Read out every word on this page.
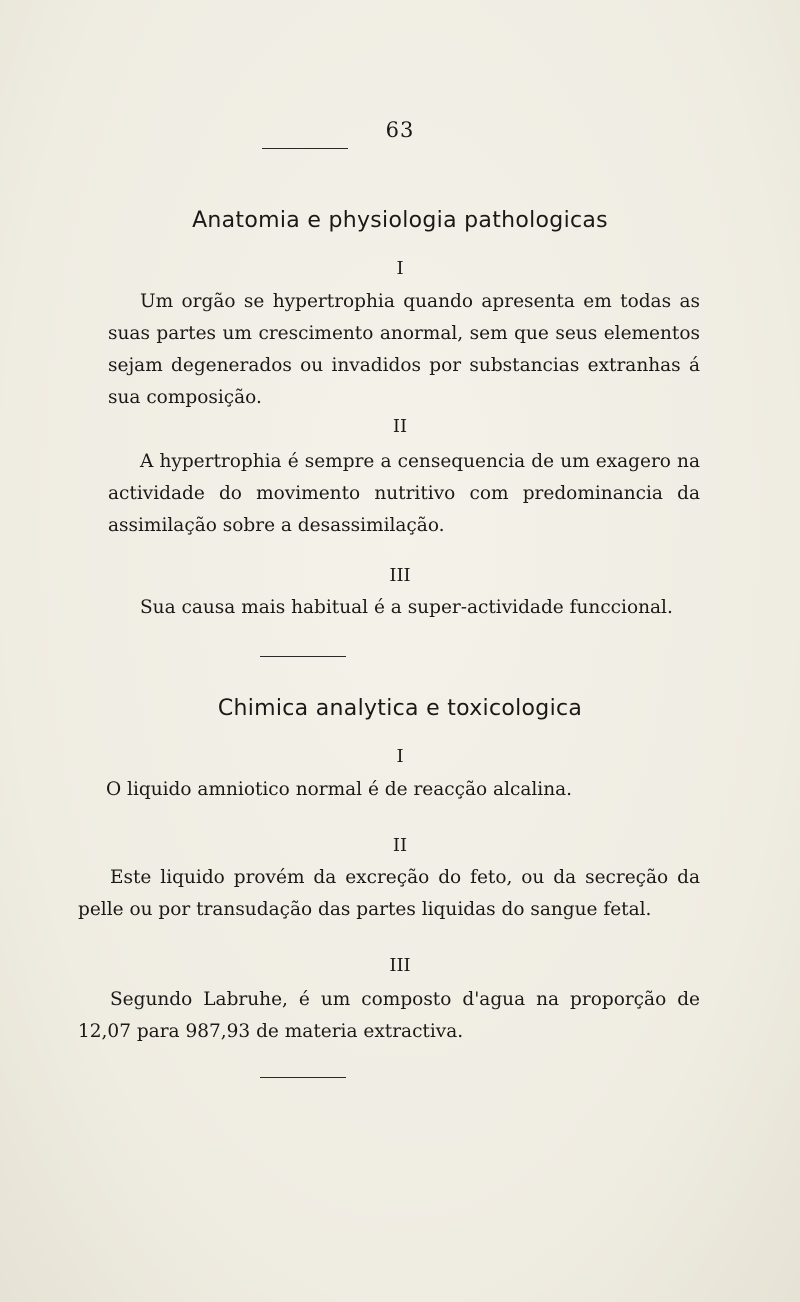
63
Anatomia e physiologia pathologicas
I

Um orgão se hypertrophia quando apresenta em todas as suas partes um crescimento anormal, sem que seus elementos sejam degenerados ou invadidos por substancias extranhas á sua composição.

II

A hypertrophia é sempre a censequencia de um exagero na actividade do movimento nutritivo com predominancia da assimilação sobre a desassimilação.

III

Sua causa mais habitual é a super-actividade funccional.

Chimica analytica e toxicologica
I

O liquido amniotico normal é de reacção alcalina.

II

Este liquido provém da excreção do feto, ou da secreção da pelle ou por transudação das partes liquidas do sangue fetal.

III

Segundo Labruhe, é um composto d'agua na proporção de 12,07 para 987,93 de materia extractiva.
